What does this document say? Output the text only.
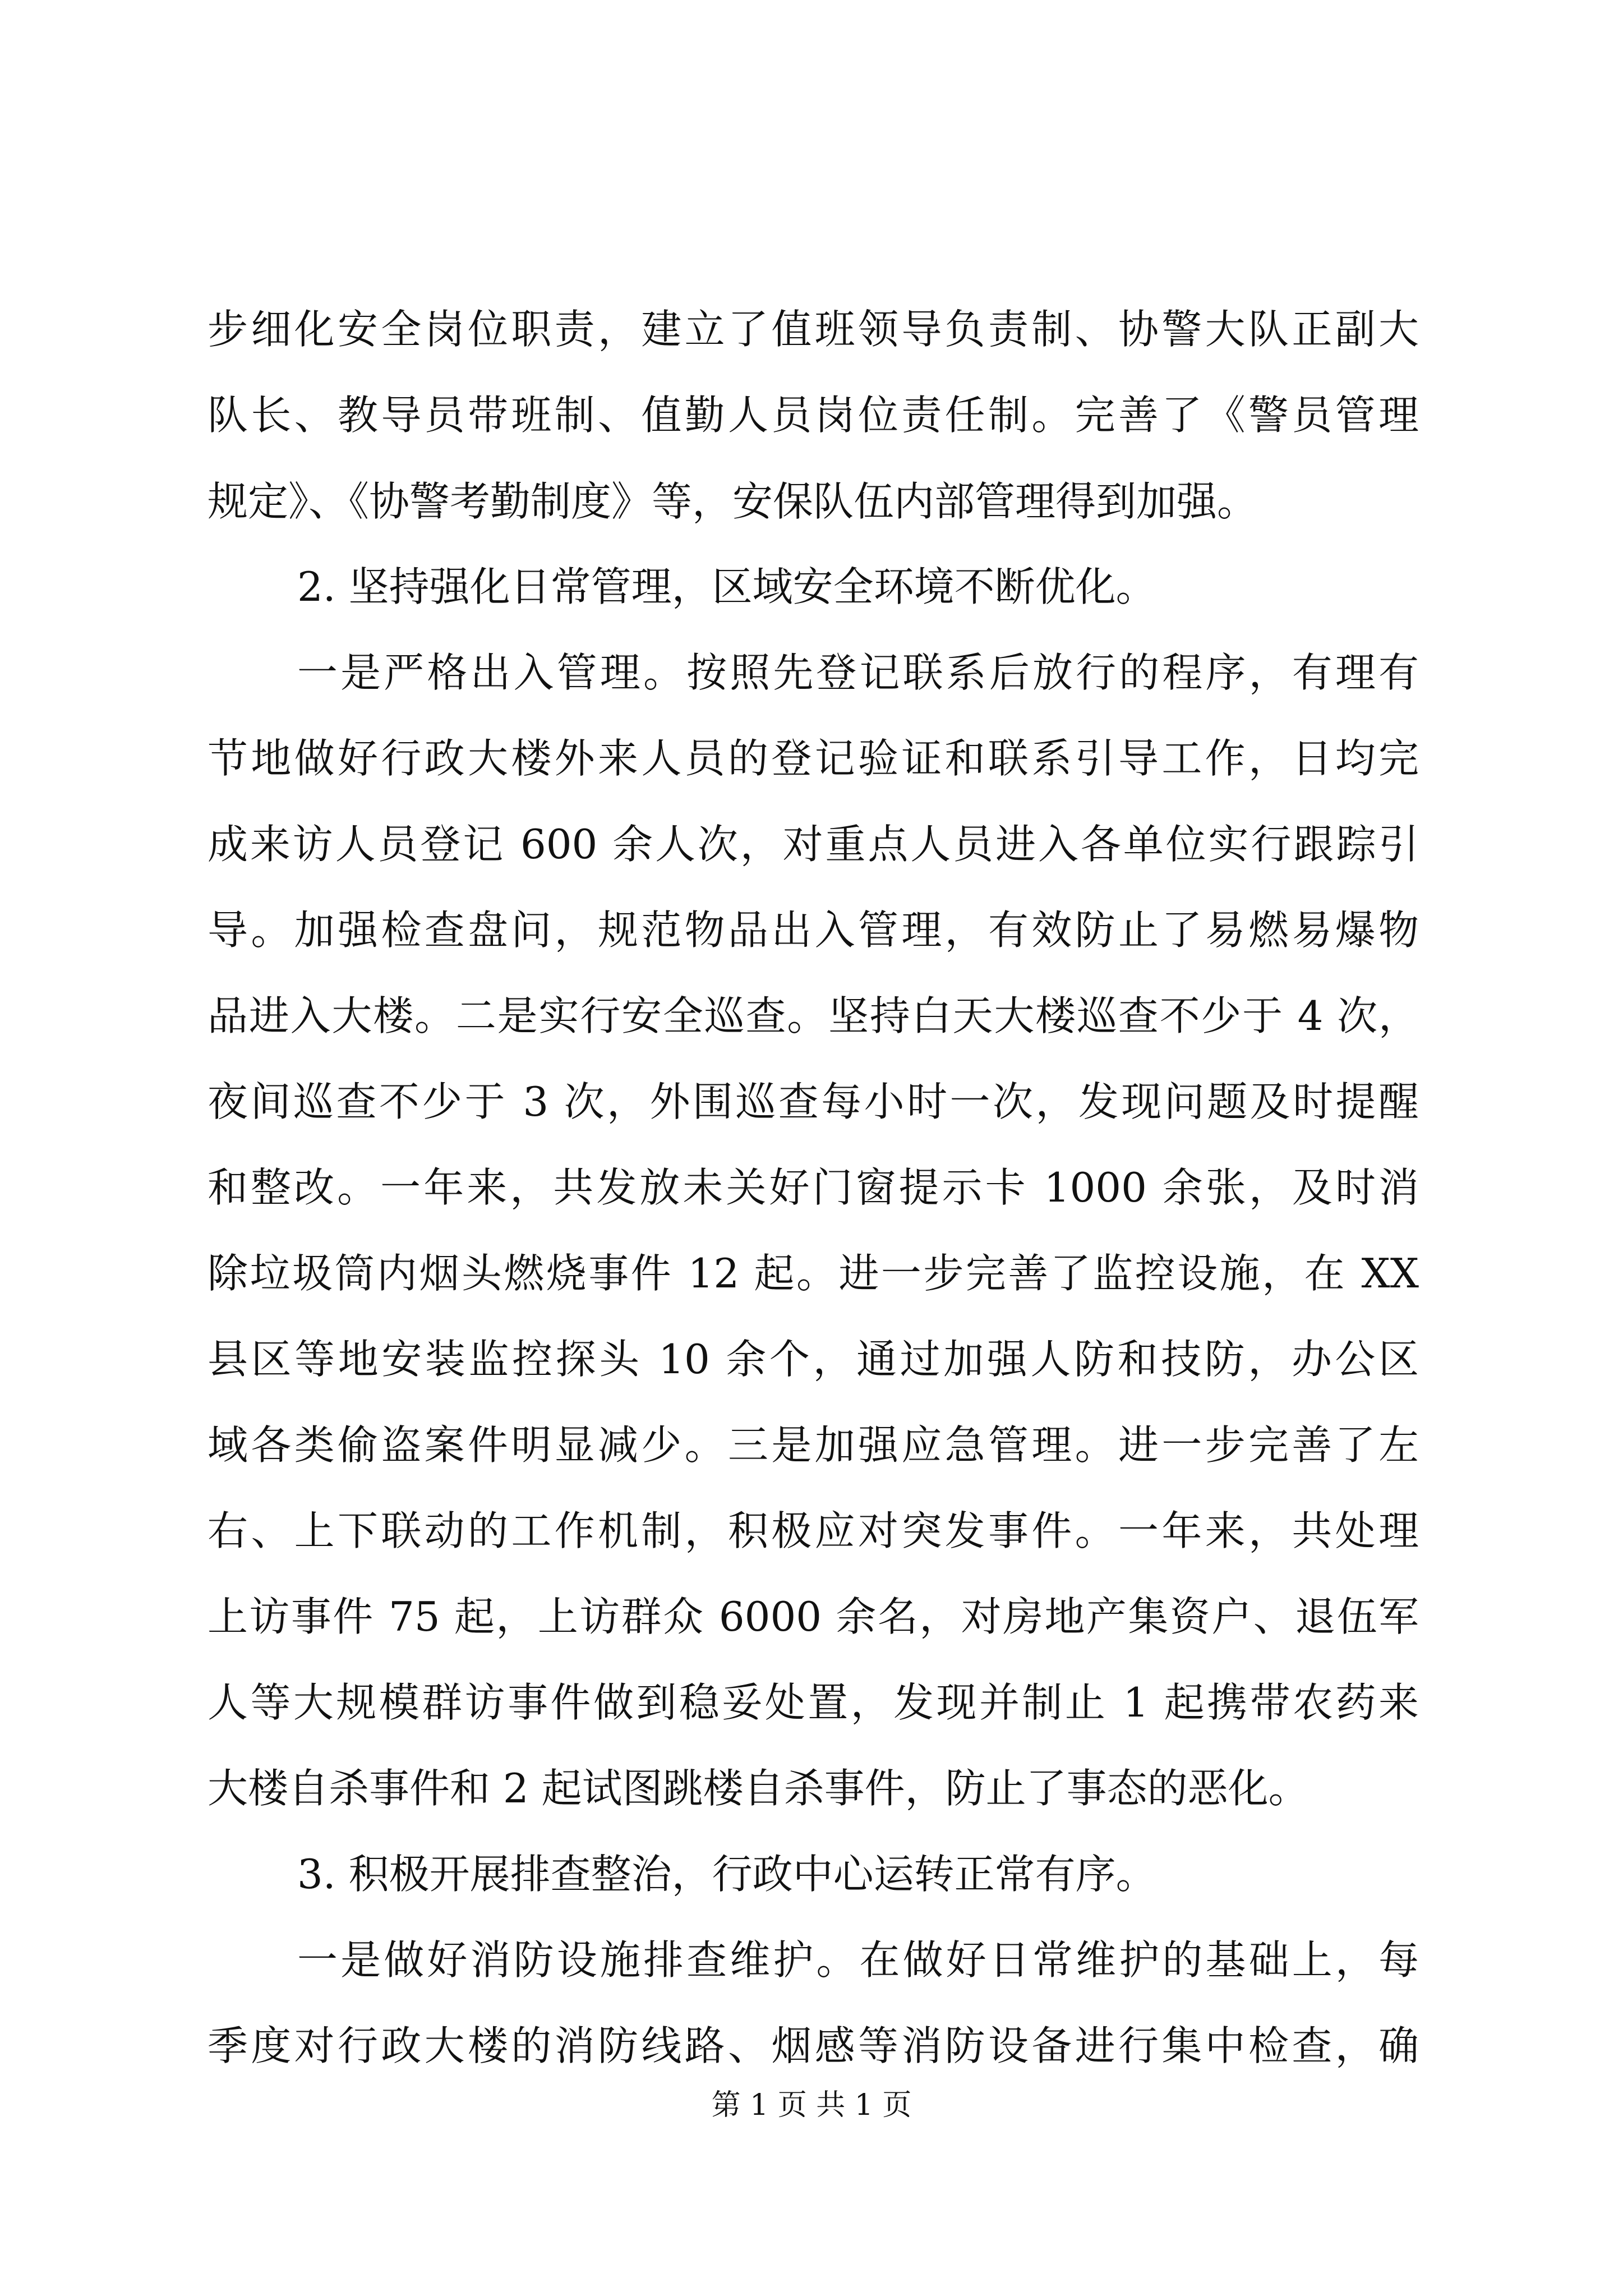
步细化安全岗位职责，建立了值班领导负责制、协警大队正副大
队长、教导员带班制、值勤人员岗位责任制。完善了《警员管理
规定》、《协警考勤制度》等，安保队伍内部管理得到加强。
2. 坚持强化日常管理，区域安全环境不断优化。
一是严格出入管理。按照先登记联系后放行的程序，有理有
节地做好行政大楼外来人员的登记验证和联系引导工作，日均完
成来访人员登记 600 余人次，对重点人员进入各单位实行跟踪引
导。加强检查盘问，规范物品出入管理，有效防止了易燃易爆物
品进入大楼。二是实行安全巡查。坚持白天大楼巡查不少于 4 次，
夜间巡查不少于 3 次，外围巡查每小时一次，发现问题及时提醒
和整改。一年来，共发放未关好门窗提示卡 1000 余张，及时消
除垃圾筒内烟头燃烧事件 12 起。进一步完善了监控设施，在 XX
县区等地安装监控探头 10 余个，通过加强人防和技防，办公区
域各类偷盗案件明显减少。三是加强应急管理。进一步完善了左
右、上下联动的工作机制，积极应对突发事件。一年来，共处理
上访事件 75 起，上访群众 6000 余名，对房地产集资户、退伍军
人等大规模群访事件做到稳妥处置，发现并制止 1 起携带农药来
大楼自杀事件和 2 起试图跳楼自杀事件，防止了事态的恶化。
3. 积极开展排查整治，行政中心运转正常有序。
一是做好消防设施排查维护。在做好日常维护的基础上，每
季度对行政大楼的消防线路、烟感等消防设备进行集中检查，确
第 1 页 共 1 页
